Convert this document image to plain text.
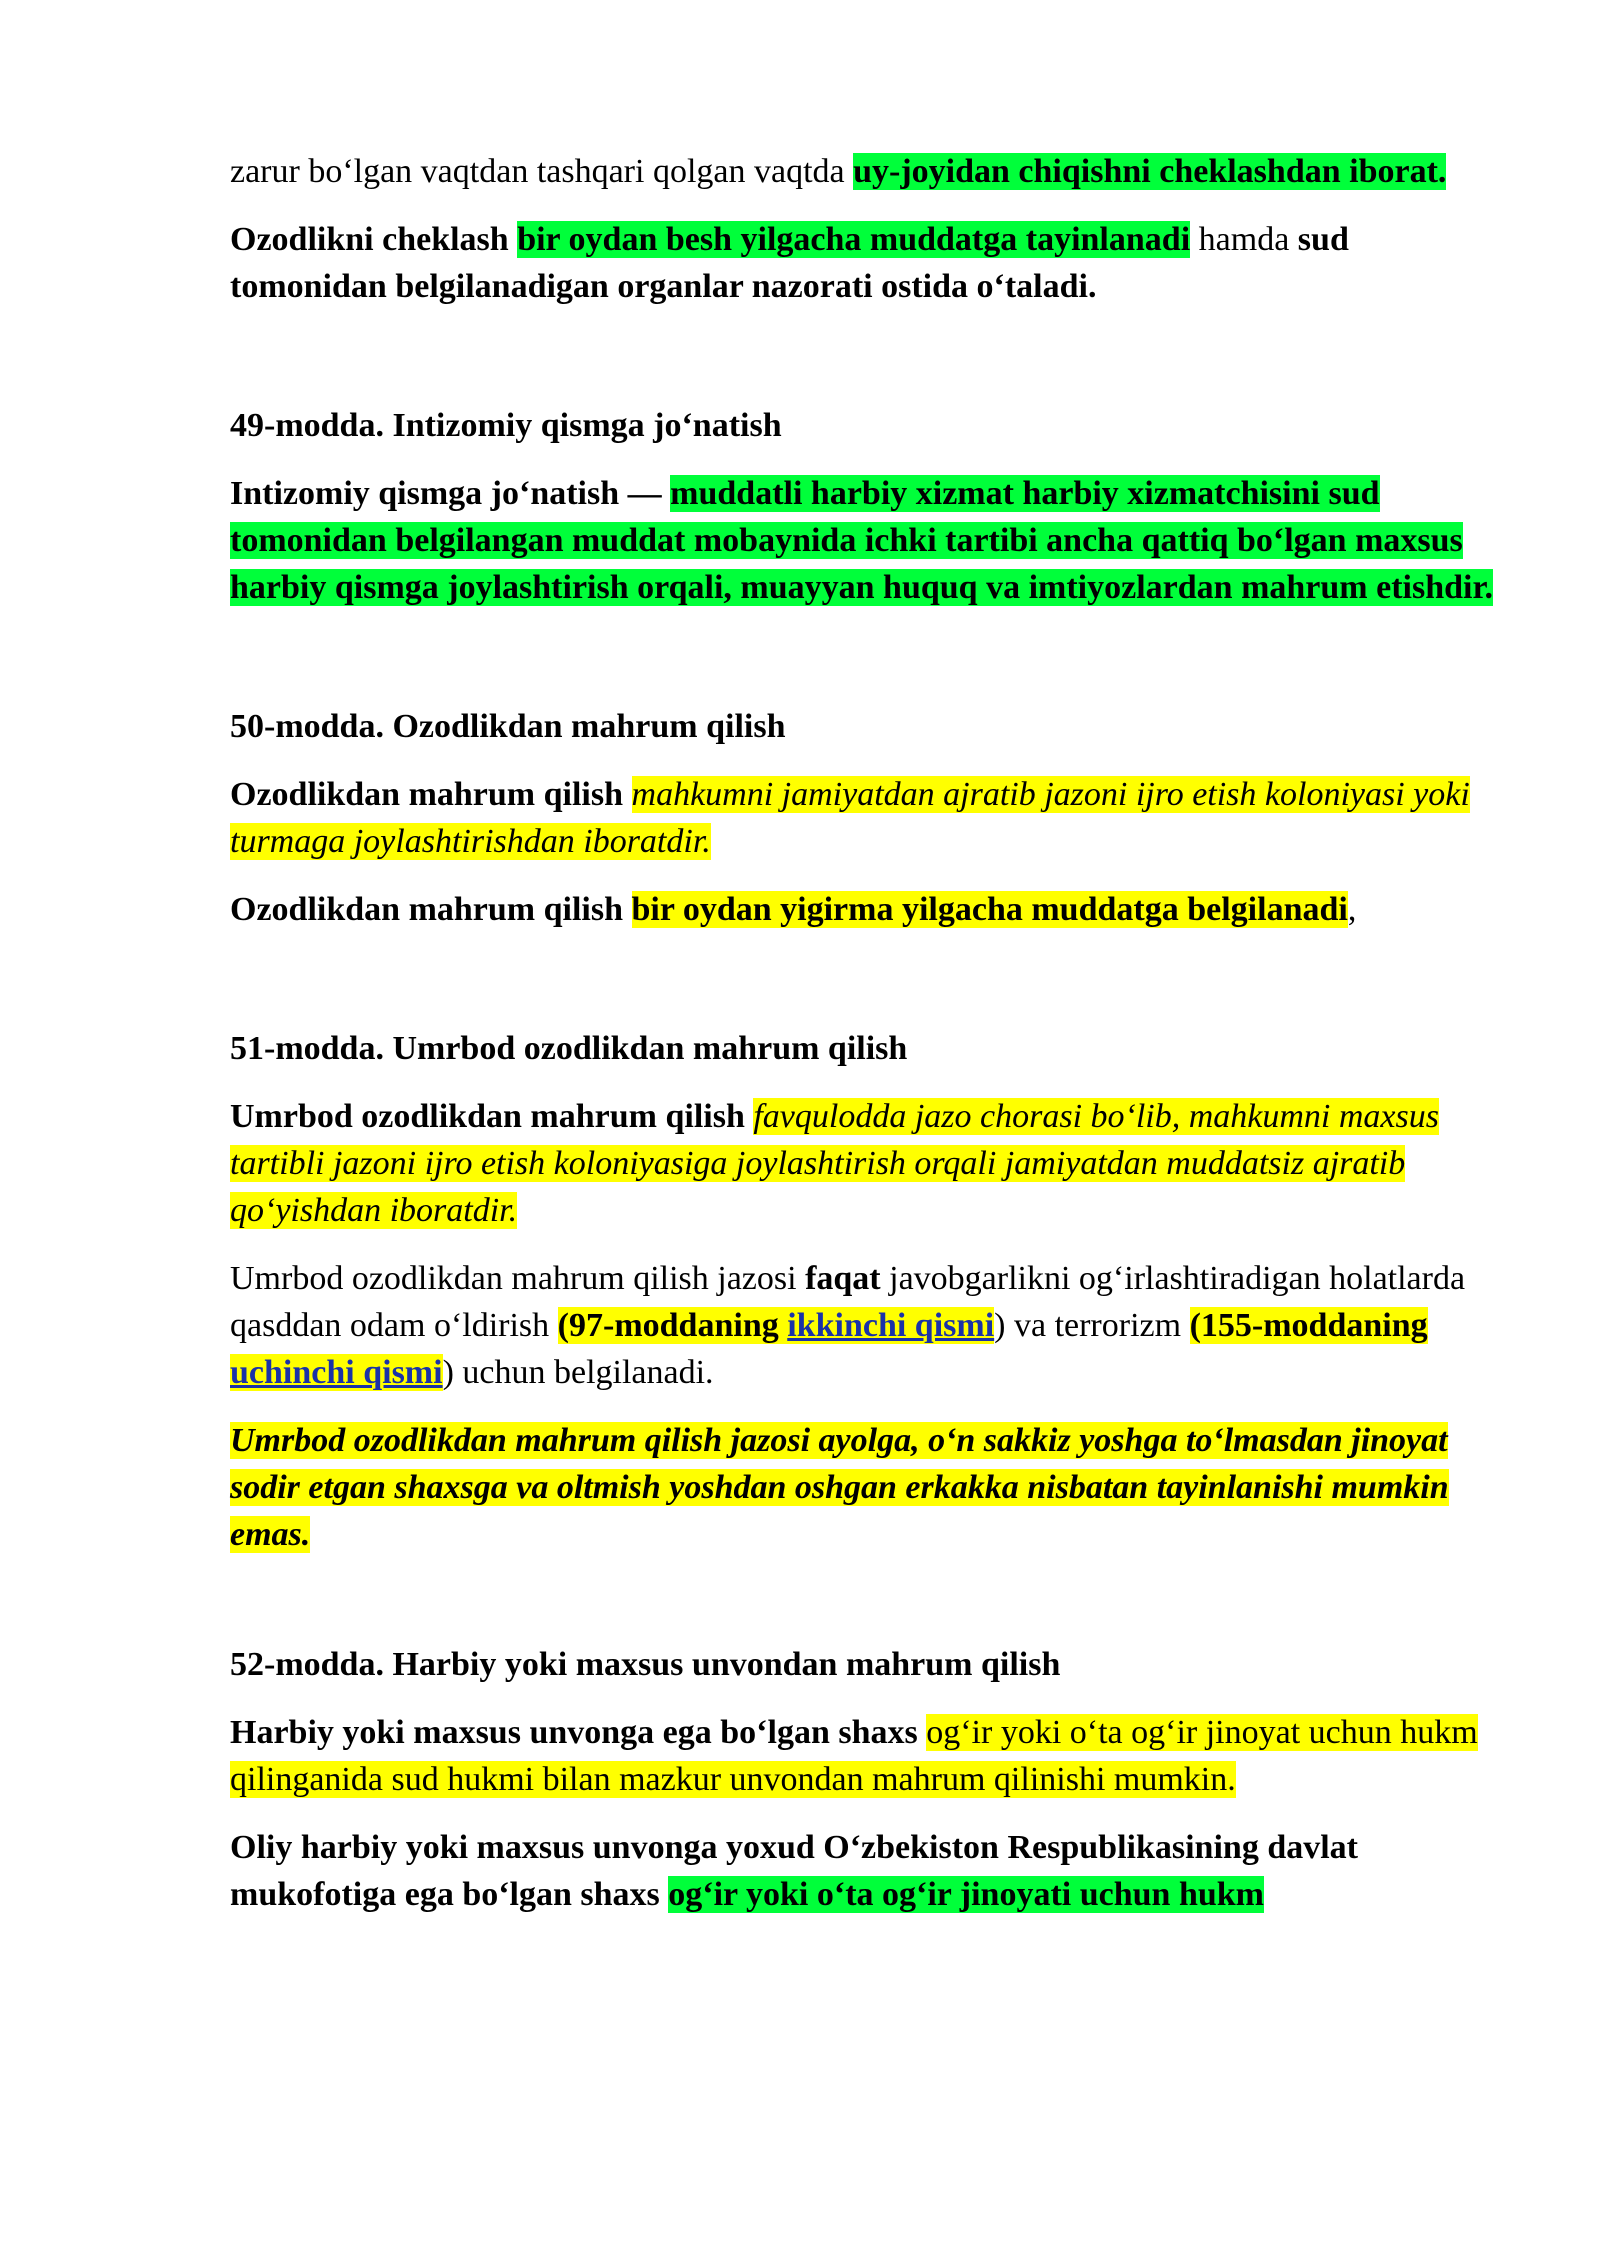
zarur bo‘lgan vaqtdan tashqari qolgan vaqtda uy-joyidan chiqishni cheklashdan iborat.

Ozodlikni cheklash bir oydan besh yilgacha muddatga tayinlanadi hamda sud tomonidan belgilanadigan organlar nazorati ostida o‘taladi.

49-modda. Intizomiy qismga jo‘natish

Intizomiy qismga jo‘natish — muddatli harbiy xizmat harbiy xizmatchisini sud tomonidan belgilangan muddat mobaynida ichki tartibi ancha qattiq bo‘lgan maxsus harbiy qismga joylashtirish orqali, muayyan huquq va imtiyozlardan mahrum etishdir.

50-modda. Ozodlikdan mahrum qilish

Ozodlikdan mahrum qilish mahkumni jamiyatdan ajratib jazoni ijro etish koloniyasi yoki turmaga joylashtirishdan iboratdir.

Ozodlikdan mahrum qilish bir oydan yigirma yilgacha muddatga belgilanadi,

51-modda. Umrbod ozodlikdan mahrum qilish

Umrbod ozodlikdan mahrum qilish favqulodda jazo chorasi bo‘lib, mahkumni maxsus tartibli jazoni ijro etish koloniyasiga joylashtirish orqali jamiyatdan muddatsiz ajratib qo‘yishdan iboratdir.

Umrbod ozodlikdan mahrum qilish jazosi faqat javobgarlikni og‘irlashtiradigan holatlarda qasddan odam o‘ldirish (97-moddaning ikkinchi qismi) va terrorizm (155-moddaning uchinchi qismi) uchun belgilanadi.

Umrbod ozodlikdan mahrum qilish jazosi ayolga, o‘n sakkiz yoshga to‘lmasdan jinoyat sodir etgan shaxsga va oltmish yoshdan oshgan erkakka nisbatan tayinlanishi mumkin emas.

52-modda. Harbiy yoki maxsus unvondan mahrum qilish

Harbiy yoki maxsus unvonga ega bo‘lgan shaxs og‘ir yoki o‘ta og‘ir jinoyat uchun hukm qilinganida sud hukmi bilan mazkur unvondan mahrum qilinishi mumkin.

Oliy harbiy yoki maxsus unvonga yoxud O‘zbekiston Respublikasining davlat mukofotiga ega bo‘lgan shaxs og‘ir yoki o‘ta og‘ir jinoyati uchun hukm
